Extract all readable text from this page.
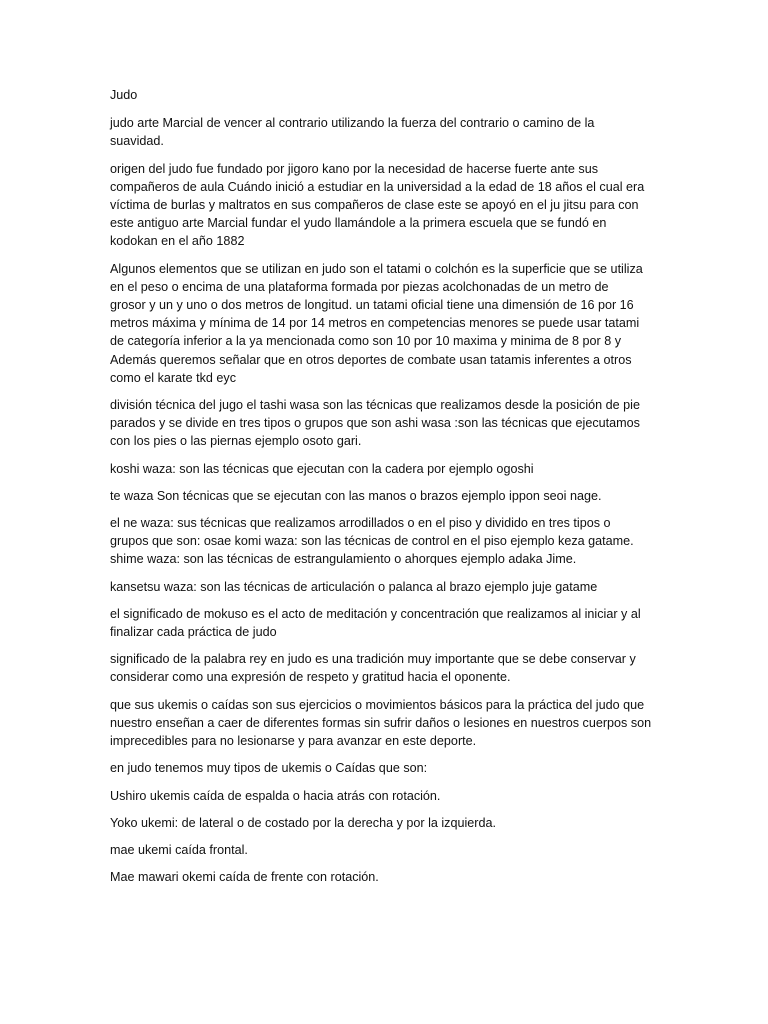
Judo
judo arte Marcial de vencer al contrario utilizando la fuerza del contrario o camino de la
suavidad.
origen del judo fue fundado por jigoro kano por la necesidad de hacerse fuerte ante sus
compañeros de aula Cuándo inició a estudiar en la universidad a la edad de 18 años el cual era
víctima de burlas y maltratos en sus compañeros de clase este se apoyó en el ju jitsu para con
este antiguo arte Marcial fundar el yudo llamándole a la primera escuela que se fundó en
kodokan en el año 1882
Algunos elementos que se utilizan en judo son el tatami o colchón es la superficie que se utiliza
en el peso o encima de una plataforma formada por piezas acolchonadas de un metro de
grosor y un y uno o dos metros de longitud. un tatami oficial tiene una dimensión de 16 por 16
metros máxima y mínima de 14 por 14 metros en competencias menores se puede usar tatami
de categoría inferior a la ya mencionada como son 10 por 10 maxima y minima de 8 por 8 y
Además queremos señalar que en otros deportes de combate usan tatamis inferentes a otros
como el karate tkd eyc
división técnica del jugo el tashi wasa son las técnicas que realizamos desde la posición de pie
parados y se divide en tres tipos o grupos que son ashi wasa :son las técnicas que ejecutamos
con los pies o las piernas ejemplo osoto gari.
koshi waza: son las técnicas que ejecutan con la cadera por ejemplo ogoshi
te waza Son técnicas que se ejecutan con las manos o brazos ejemplo ippon seoi nage.
el ne waza: sus técnicas que realizamos arrodillados o en el piso y dividido en tres tipos o
grupos que son: osae komi waza: son las técnicas de control en el piso ejemplo keza gatame.
shime waza: son las técnicas de estrangulamiento o ahorques ejemplo adaka Jime.
kansetsu waza: son las técnicas de articulación o palanca al brazo ejemplo juje gatame
el significado de mokuso es el acto de meditación y concentración que realizamos al iniciar y al
finalizar cada práctica de judo
significado de la palabra rey en judo es una tradición muy importante que se debe conservar y
considerar como una expresión de respeto y gratitud hacia el oponente.
que sus ukemis o caídas son sus ejercicios o movimientos básicos para la práctica del judo que
nuestro enseñan a caer de diferentes formas sin sufrir daños o lesiones en nuestros cuerpos son
imprecedibles para no lesionarse y para avanzar en este deporte.
en judo tenemos muy tipos de ukemis o Caídas que son:
Ushiro ukemis caída de espalda o hacia atrás con rotación.
Yoko ukemi: de lateral o de costado por la derecha y por la izquierda.
mae ukemi caída frontal.
Mae mawari okemi caída de frente con rotación.
